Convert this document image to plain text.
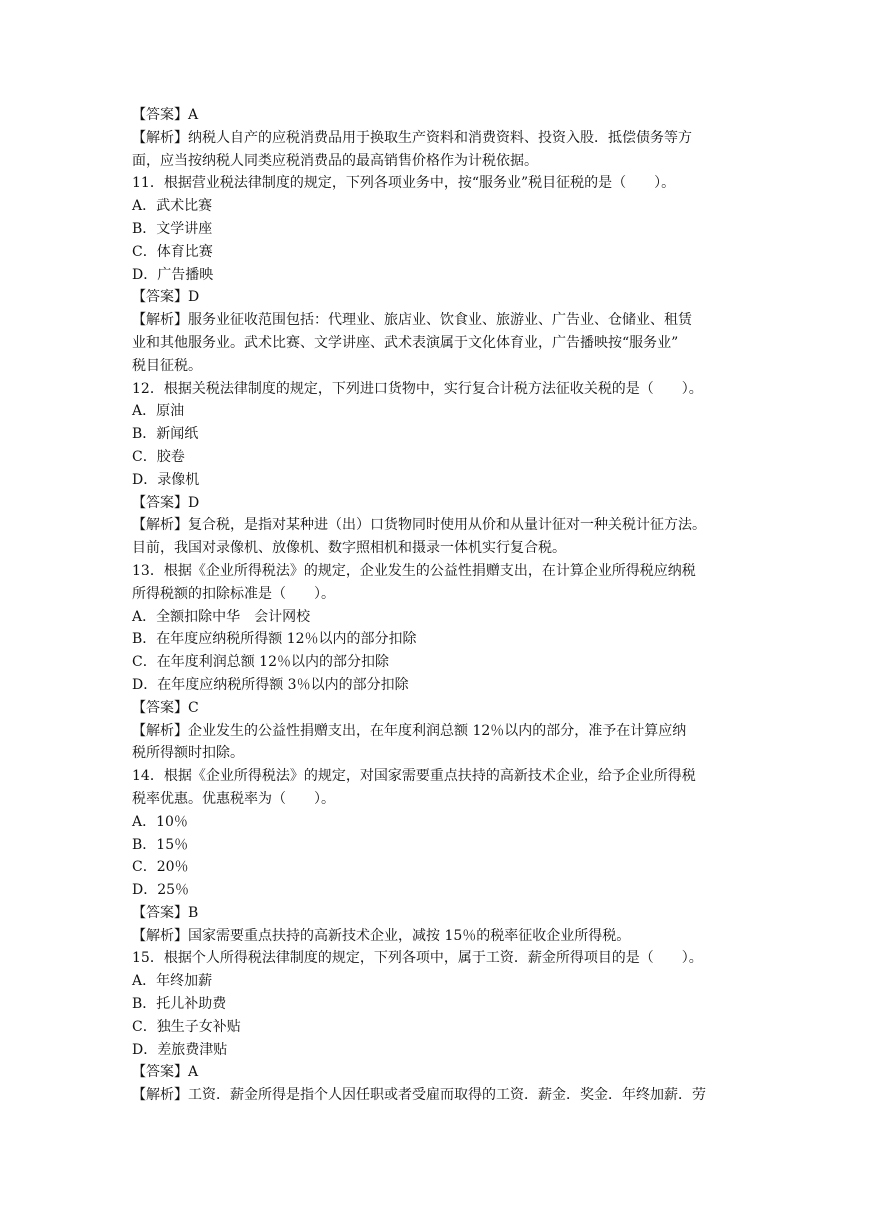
【答案】A
【解析】纳税人自产的应税消费品用于换取生产资料和消费资料、投资入股．抵偿债务等方
面，应当按纳税人同类应税消费品的最高销售价格作为计税依据。
11．根据营业税法律制度的规定，下列各项业务中，按“服务业”税目征税的是（　　）。
A．武术比赛
B．文学讲座
C．体育比赛
D．广告播映
【答案】D
【解析】服务业征收范围包括：代理业、旅店业、饮食业、旅游业、广告业、仓储业、租赁
业和其他服务业。武术比赛、文学讲座、武术表演属于文化体育业，广告播映按“服务业”
税目征税。
12．根据关税法律制度的规定，下列进口货物中，实行复合计税方法征收关税的是（　　）。
A．原油
B．新闻纸
C．胶卷
D．录像机
【答案】D
【解析】复合税，是指对某种进（出）口货物同时使用从价和从量计征对一种关税计征方法。
目前，我国对录像机、放像机、数字照相机和摄录一体机实行复合税。
13．根据《企业所得税法》的规定，企业发生的公益性捐赠支出，在计算企业所得税应纳税
所得税额的扣除标准是（　　）。
A．全额扣除中华　会计网校
B．在年度应纳税所得额 12％以内的部分扣除
C．在年度利润总额 12％以内的部分扣除
D．在年度应纳税所得额 3％以内的部分扣除
【答案】C
【解析】企业发生的公益性捐赠支出，在年度利润总额 12％以内的部分，准予在计算应纳
税所得额时扣除。
14．根据《企业所得税法》的规定，对国家需要重点扶持的高新技术企业，给予企业所得税
税率优惠。优惠税率为（　　）。
A．10％
B．15％
C．20％
D．25％
【答案】B
【解析】国家需要重点扶持的高新技术企业，减按 15％的税率征收企业所得税。
15．根据个人所得税法律制度的规定，下列各项中，属于工资．薪金所得项目的是（　　）。
A．年终加薪
B．托儿补助费
C．独生子女补贴
D．差旅费津贴
【答案】A
【解析】工资．薪金所得是指个人因任职或者受雇而取得的工资．薪金．奖金．年终加薪．劳
